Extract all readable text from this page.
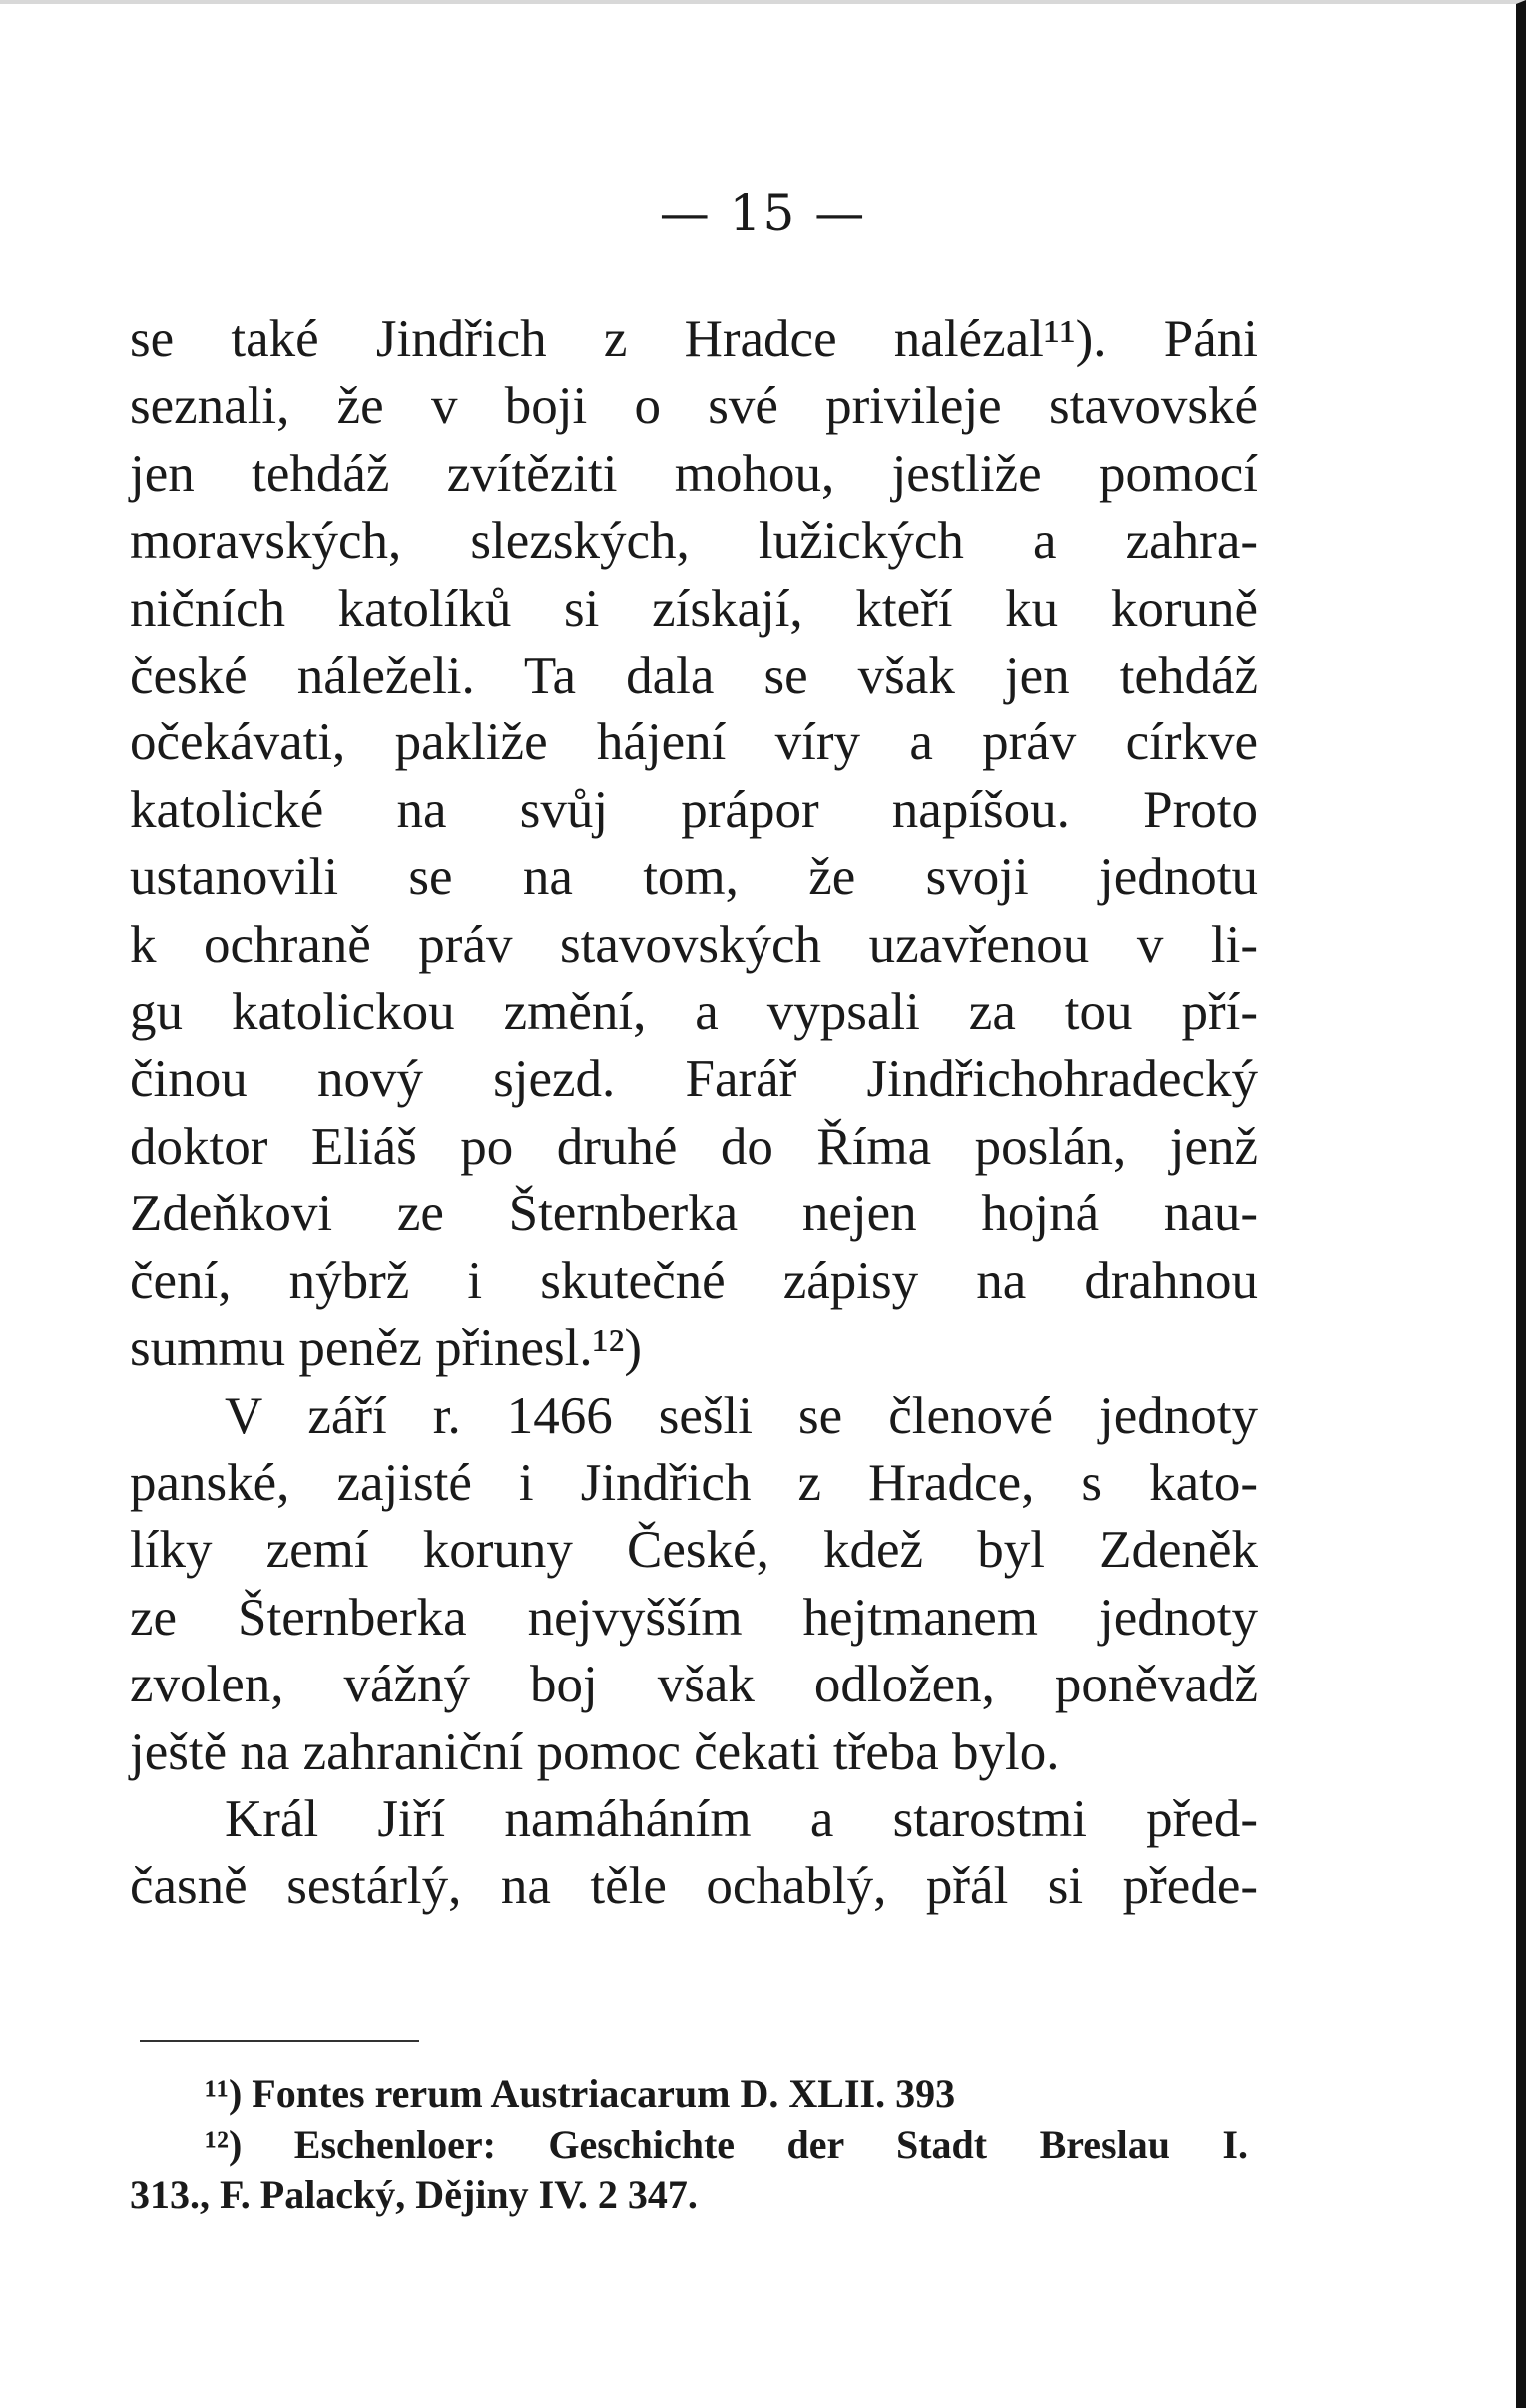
— 15 —
se také Jindřich z Hradce nalézal¹¹). Páni
seznali, že v boji o své privileje stavovské
jen tehdáž zvítěziti mohou, jestliže pomocí
moravských, slezských, lužických a zahra-
ničních katolíků si získají, kteří ku koruně
české náleželi. Ta dala se však jen tehdáž
očekávati, pakliže hájení víry a práv církve
katolické na svůj prápor napíšou. Proto
ustanovili se na tom, že svoji jednotu
k ochraně práv stavovských uzavřenou v li-
gu katolickou změní, a vypsali za tou pří-
činou nový sjezd. Farář Jindřichohradecký
doktor Eliáš po druhé do Říma poslán, jenž
Zdeňkovi ze Šternberka nejen hojná nau-
čení, nýbrž i skutečné zápisy na drahnou
summu peněz přinesl.¹²)
V září r. 1466 sešli se členové jednoty
panské, zajisté i Jindřich z Hradce, s kato-
líky zemí koruny České, kdež byl Zdeněk
ze Šternberka nejvyšším hejtmanem jednoty
zvolen, vážný boj však odložen, poněvadž
ještě na zahraniční pomoc čekati třeba bylo.
Král Jiří namáháním a starostmi před-
časně sestárlý, na těle ochablý, přál si přede-
¹¹) Fontes rerum Austriacarum D. XLII. 393
¹²) Eschenloer: Geschichte der Stadt Breslau I.
313., F. Palacký, Dějiny IV. 2 347.
